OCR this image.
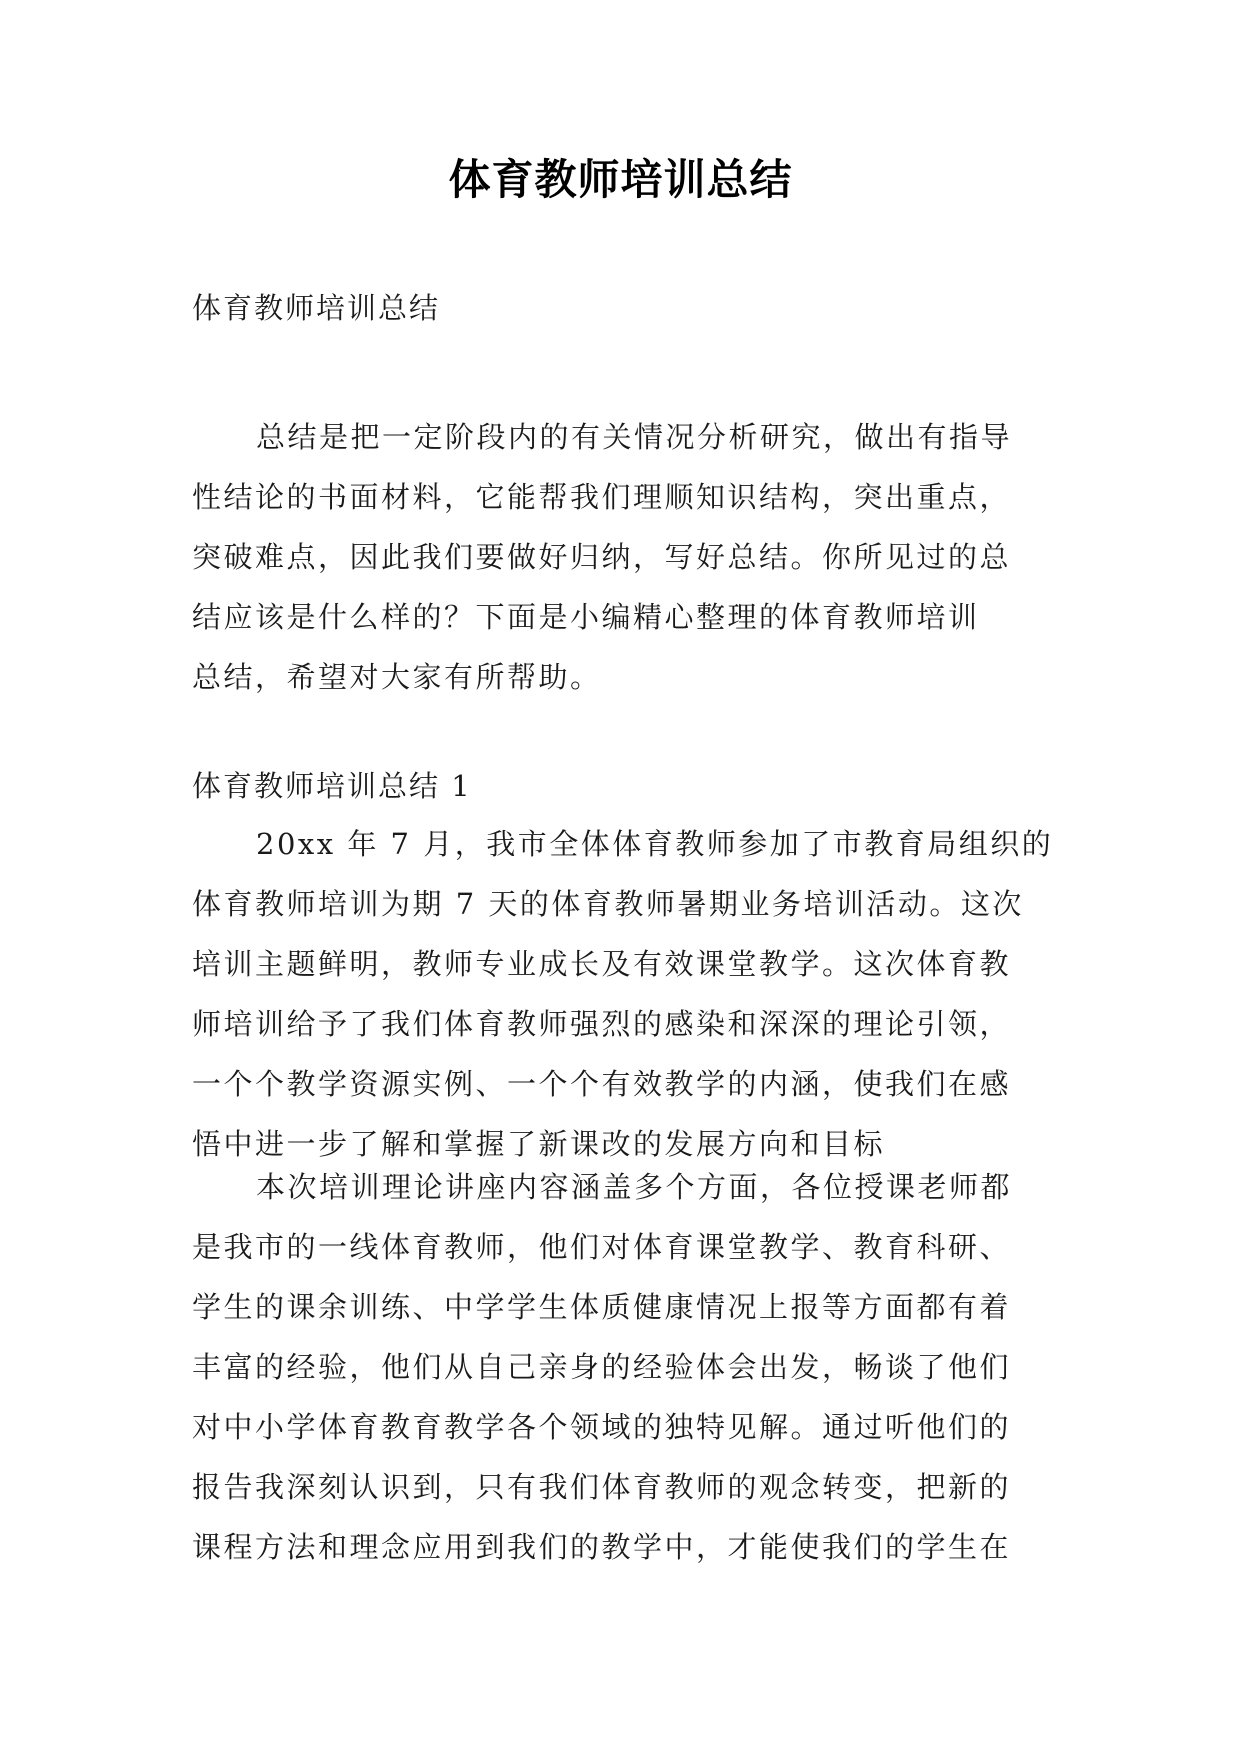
体育教师培训总结
体育教师培训总结

总结是把一定阶段内的有关情况分析研究，做出有指导
性结论的书面材料，它能帮我们理顺知识结构，突出重点，
突破难点，因此我们要做好归纳，写好总结。你所见过的总
结应该是什么样的？下面是小编精心整理的体育教师培训
总结，希望对大家有所帮助。

体育教师培训总结 1

20xx 年 7 月，我市全体体育教师参加了市教育局组织的
体育教师培训为期 7 天的体育教师暑期业务培训活动。这次
培训主题鲜明，教师专业成长及有效课堂教学。这次体育教
师培训给予了我们体育教师强烈的感染和深深的理论引领，
一个个教学资源实例、一个个有效教学的内涵，使我们在感
悟中进一步了解和掌握了新课改的发展方向和目标

本次培训理论讲座内容涵盖多个方面，各位授课老师都
是我市的一线体育教师，他们对体育课堂教学、教育科研、
学生的课余训练、中学学生体质健康情况上报等方面都有着
丰富的经验，他们从自己亲身的经验体会出发，畅谈了他们
对中小学体育教育教学各个领域的独特见解。通过听他们的
报告我深刻认识到，只有我们体育教师的观念转变，把新的
课程方法和理念应用到我们的教学中，才能使我们的学生在
